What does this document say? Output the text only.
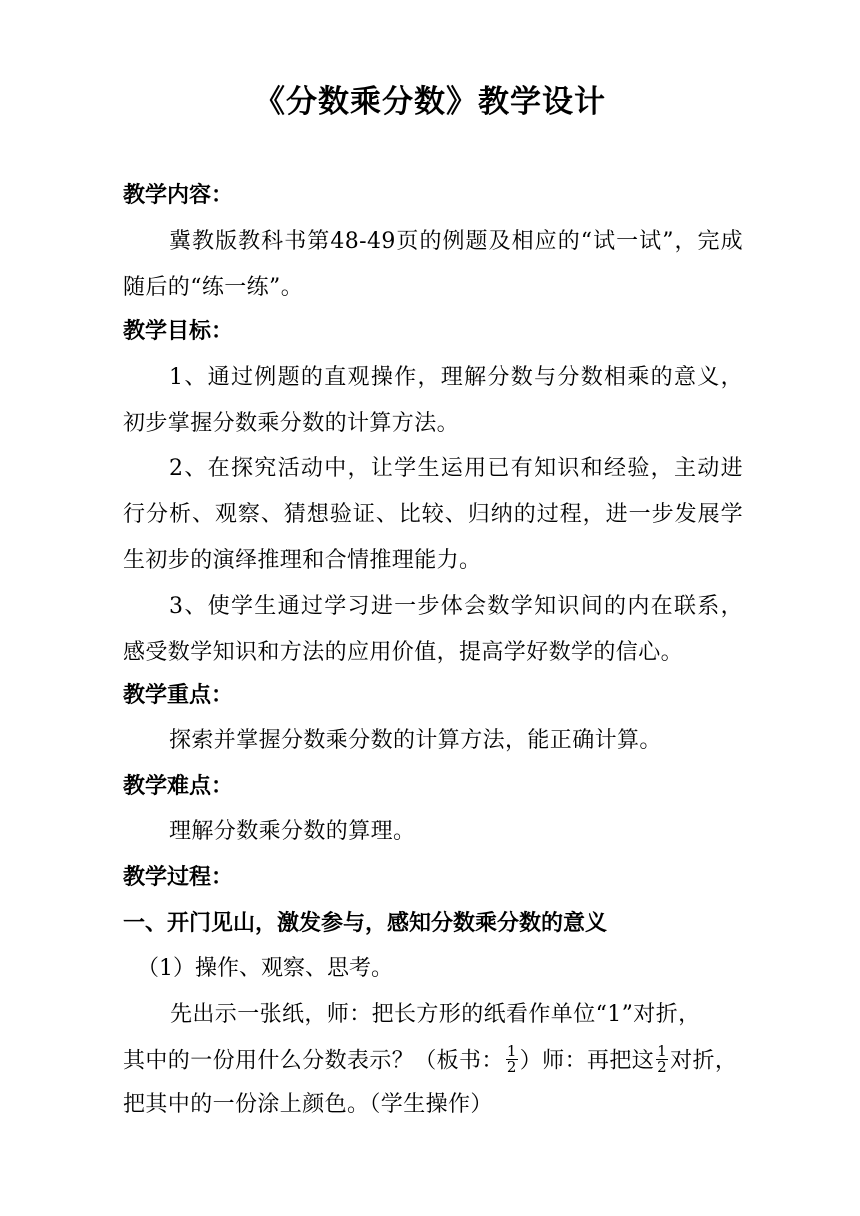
《分数乘分数》教学设计
教学内容：

冀教版教科书第48-49页的例题及相应的“试一试”，完成随后的“练一练”。

教学目标：

1、通过例题的直观操作，理解分数与分数相乘的意义，初步掌握分数乘分数的计算方法。

2、在探究活动中，让学生运用已有知识和经验，主动进行分析、观察、猜想验证、比较、归纳的过程，进一步发展学生初步的演绎推理和合情推理能力。

3、使学生通过学习进一步体会数学知识间的内在联系，感受数学知识和方法的应用价值，提高学好数学的信心。

教学重点：

探索并掌握分数乘分数的计算方法，能正确计算。

教学难点：

理解分数乘分数的算理。

教学过程：
一、开门见山，激发参与，感知分数乘分数的意义
（1）操作、观察、思考。
先出示一张纸，师：把长方形的纸看作单位“1”对折，
其中的一份用什么分数表示？（板书： $\frac{1}{2}$ ）师：再把这 $\frac{1}{2}$ 对折，
把其中的一份涂上颜色。（学生操作）
